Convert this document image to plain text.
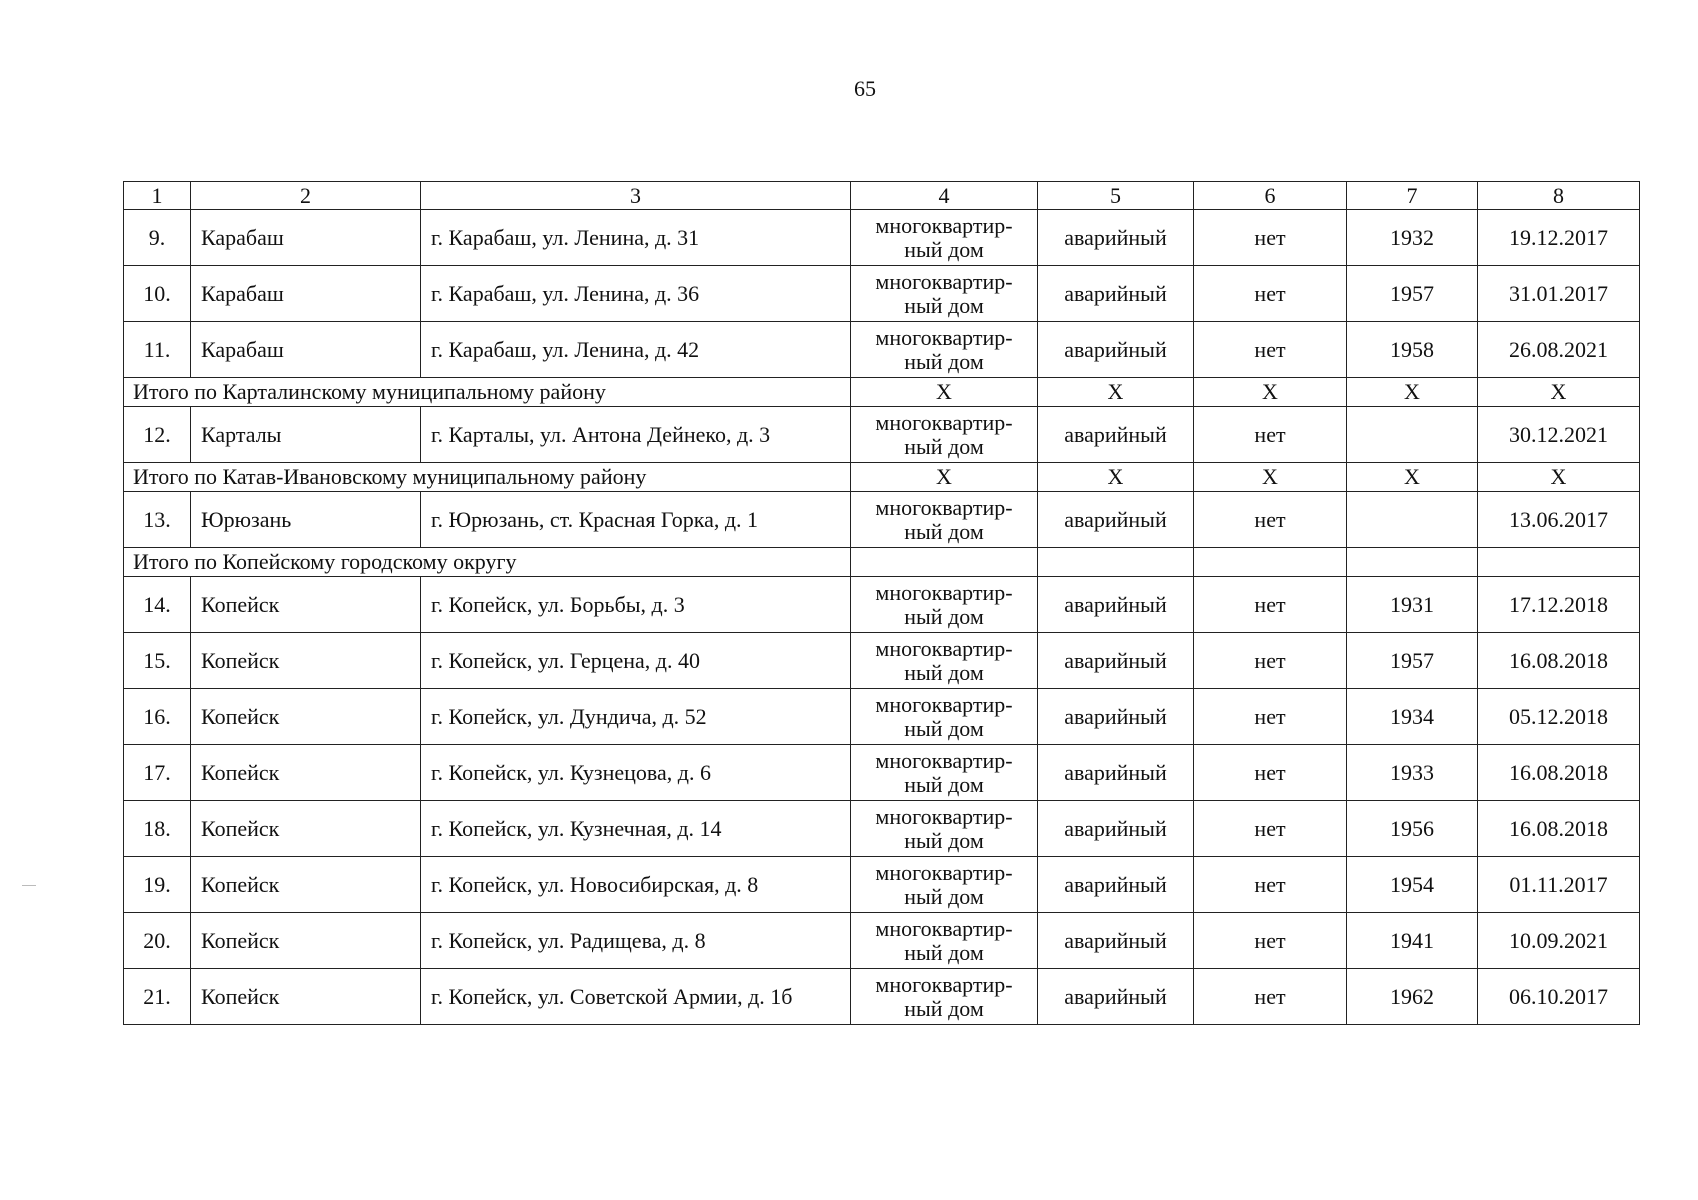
65
1	2	3	4	5	6	7	8
9.	Карабаш	г. Карабаш, ул. Ленина, д. 31	многоквартир-
ный дом	аварийный	нет	1932	19.12.2017
10.	Карабаш	г. Карабаш, ул. Ленина, д. 36	многоквартир-
ный дом	аварийный	нет	1957	31.01.2017
11.	Карабаш	г. Карабаш, ул. Ленина, д. 42	многоквартир-
ный дом	аварийный	нет	1958	26.08.2021
Итого по Карталинскому муниципальному району			X	X	X	X	X
12.	Карталы	г. Карталы, ул. Антона Дейнеко, д. 3	многоквартир-
ный дом	аварийный	нет		30.12.2021
Итого по Катав-Ивановскому муниципальному району			X	X	X	X	X
13.	Юрюзань	г. Юрюзань, ст. Красная Горка, д. 1	многоквартир-
ный дом	аварийный	нет		13.06.2017
Итого по Копейскому городскому округу							
14.	Копейск	г. Копейск, ул. Борьбы, д. 3	многоквартир-
ный дом	аварийный	нет	1931	17.12.2018
15.	Копейск	г. Копейск, ул. Герцена, д. 40	многоквартир-
ный дом	аварийный	нет	1957	16.08.2018
16.	Копейск	г. Копейск, ул. Дундича, д. 52	многоквартир-
ный дом	аварийный	нет	1934	05.12.2018
17.	Копейск	г. Копейск, ул. Кузнецова, д. 6	многоквартир-
ный дом	аварийный	нет	1933	16.08.2018
18.	Копейск	г. Копейск, ул. Кузнечная, д. 14	многоквартир-
ный дом	аварийный	нет	1956	16.08.2018
19.	Копейск	г. Копейск, ул. Новосибирская, д. 8	многоквартир-
ный дом	аварийный	нет	1954	01.11.2017
20.	Копейск	г. Копейск, ул. Радищева, д. 8	многоквартир-
ный дом	аварийный	нет	1941	10.09.2021
21.	Копейск	г. Копейск, ул. Советской Армии, д. 1б	многоквартир-
ный дом	аварийный	нет	1962	06.10.2017
